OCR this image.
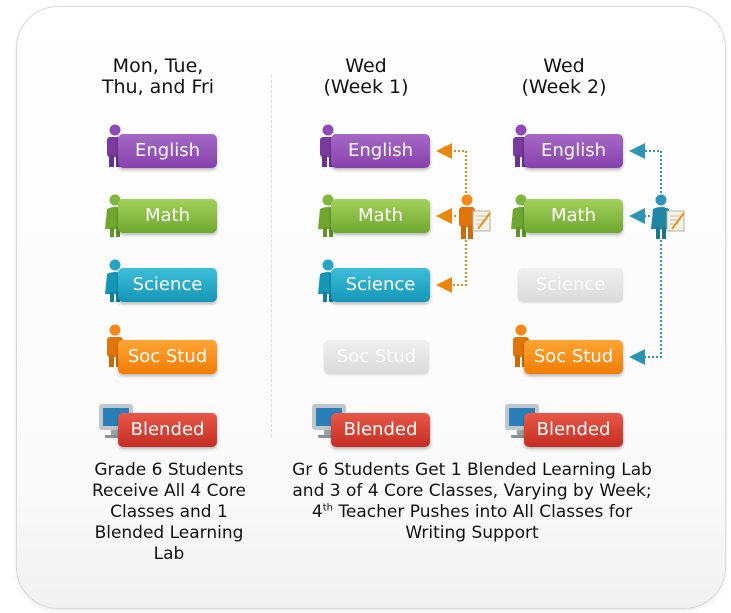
Mon, Tue,
Thu, and Fri
Wed
(Week 1)
Wed
(Week 2)
English
Math
Science
Soc Stud
Blended
English
Math
Science
Soc Stud
Blended
English
Math
Science
Soc Stud
Blended
Grade 6 Students Receive All 4 Core Classes and 1 Blended Learning Lab
Gr 6 Students Get 1 Blended Learning Lab and 3 of 4 Core Classes, Varying by Week; 4th Teacher Pushes into All Classes for Writing Support
